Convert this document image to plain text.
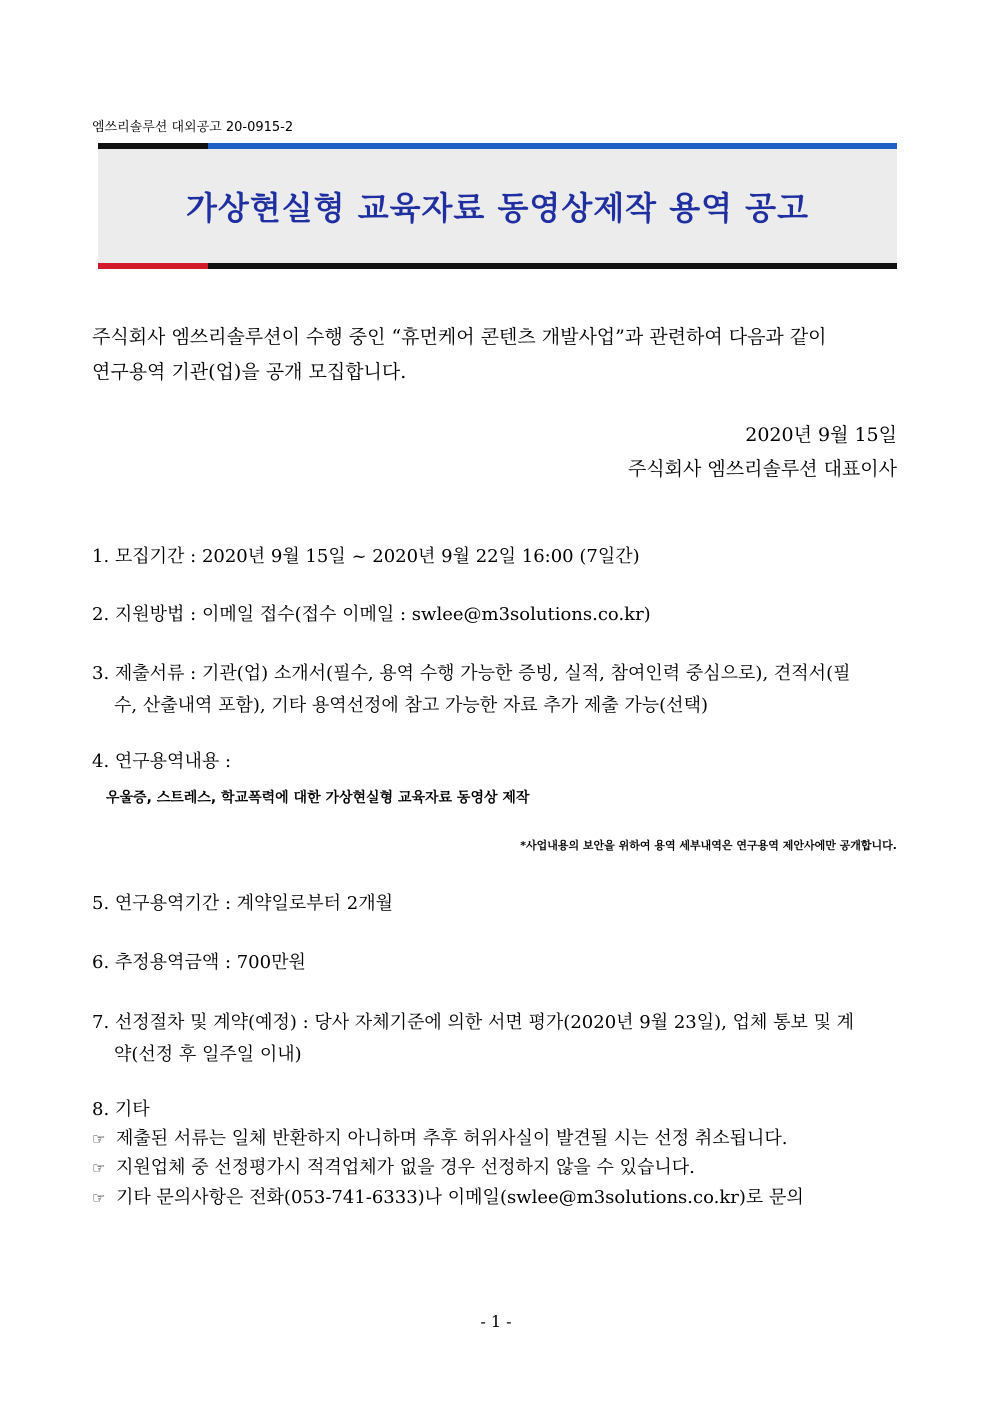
엠쓰리솔루션 대외공고 20-0915-2
가상현실형 교육자료 동영상제작 용역 공고
주식회사 엠쓰리솔루션이 수행 중인 “휴먼케어 콘텐츠 개발사업”과 관련하여 다음과 같이
연구용역 기관(업)을 공개 모집합니다.
2020년 9월 15일
주식회사 엠쓰리솔루션 대표이사
1. 모집기간 : 2020년 9월 15일 ~ 2020년 9월 22일 16:00 (7일간)
2. 지원방법 : 이메일 접수(접수 이메일 : swlee@m3solutions.co.kr)
3. 제출서류 : 기관(업) 소개서(필수, 용역 수행 가능한 증빙, 실적, 참여인력 중심으로), 견적서(필
수, 산출내역 포함), 기타 용역선정에 참고 가능한 자료 추가 제출 가능(선택)
4. 연구용역내용 :
우울증, 스트레스, 학교폭력에 대한 가상현실형 교육자료 동영상 제작
*사업내용의 보안을 위하여 용역 세부내역은 연구용역 제안사에만 공개합니다.
5. 연구용역기간 : 계약일로부터 2개월
6. 추정용역금액 : 700만원
7. 선정절차 및 계약(예정) : 당사 자체기준에 의한 서면 평가(2020년 9월 23일), 업체 통보 및 계
약(선정 후 일주일 이내)
8. 기타
☞ 제출된 서류는 일체 반환하지 아니하며 추후 허위사실이 발견될 시는 선정 취소됩니다.
☞ 지원업체 중 선정평가시 적격업체가 없을 경우 선정하지 않을 수 있습니다.
☞ 기타 문의사항은 전화(053-741-6333)나 이메일(swlee@m3solutions.co.kr)로 문의
- 1 -
